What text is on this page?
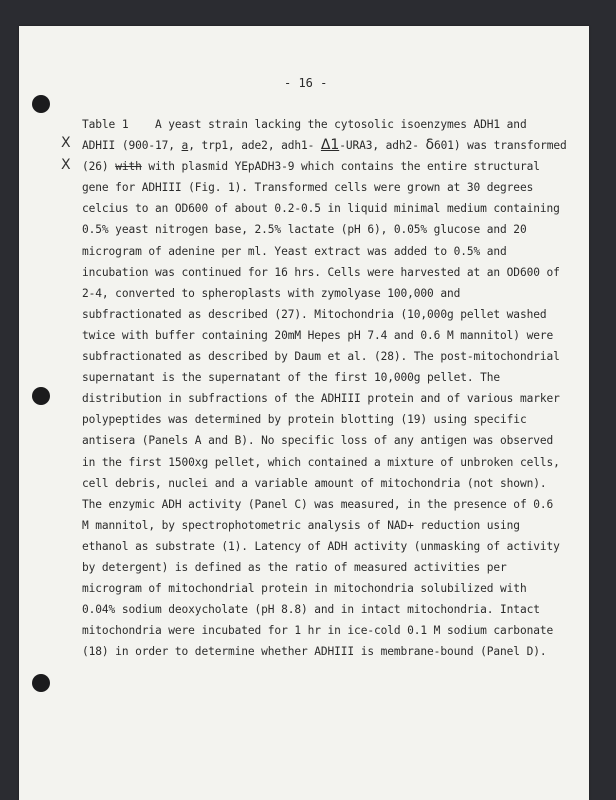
- 16 -
X
X
Table 1    A yeast strain lacking the cytosolic isoenzymes ADH1 and
ADHII (900-17, a, trp1, ade2, adh1- Δ1-URA3, adh2- δ601) was transformed
(26) with with plasmid YEpADH3-9 which contains the entire structural
gene for ADHIII (Fig. 1). Transformed cells were grown at 30 degrees
celcius to an OD600 of about 0.2-0.5 in liquid minimal medium containing
0.5% yeast nitrogen base, 2.5% lactate (pH 6), 0.05% glucose and 20
microgram of adenine per ml. Yeast extract was added to 0.5% and
incubation was continued for 16 hrs. Cells were harvested at an OD600 of
2-4, converted to spheroplasts with zymolyase 100,000 and
subfractionated as described (27). Mitochondria (10,000g pellet washed
twice with buffer containing 20mM Hepes pH 7.4 and 0.6 M mannitol) were
subfractionated as described by Daum et al. (28). The post-mitochondrial
supernatant is the supernatant of the first 10,000g pellet. The
distribution in subfractions of the ADHIII protein and of various marker
polypeptides was determined by protein blotting (19) using specific
antisera (Panels A and B). No specific loss of any antigen was observed
in the first 1500xg pellet, which contained a mixture of unbroken cells,
cell debris, nuclei and a variable amount of mitochondria (not shown).
The enzymic ADH activity (Panel C) was measured, in the presence of 0.6
M mannitol, by spectrophotometric analysis of NAD+ reduction using
ethanol as substrate (1). Latency of ADH activity (unmasking of activity
by detergent) is defined as the ratio of measured activities per
microgram of mitochondrial protein in mitochondria solubilized with
0.04% sodium deoxycholate (pH 8.8) and in intact mitochondria. Intact
mitochondria were incubated for 1 hr in ice-cold 0.1 M sodium carbonate
(18) in order to determine whether ADHIII is membrane-bound (Panel D).
